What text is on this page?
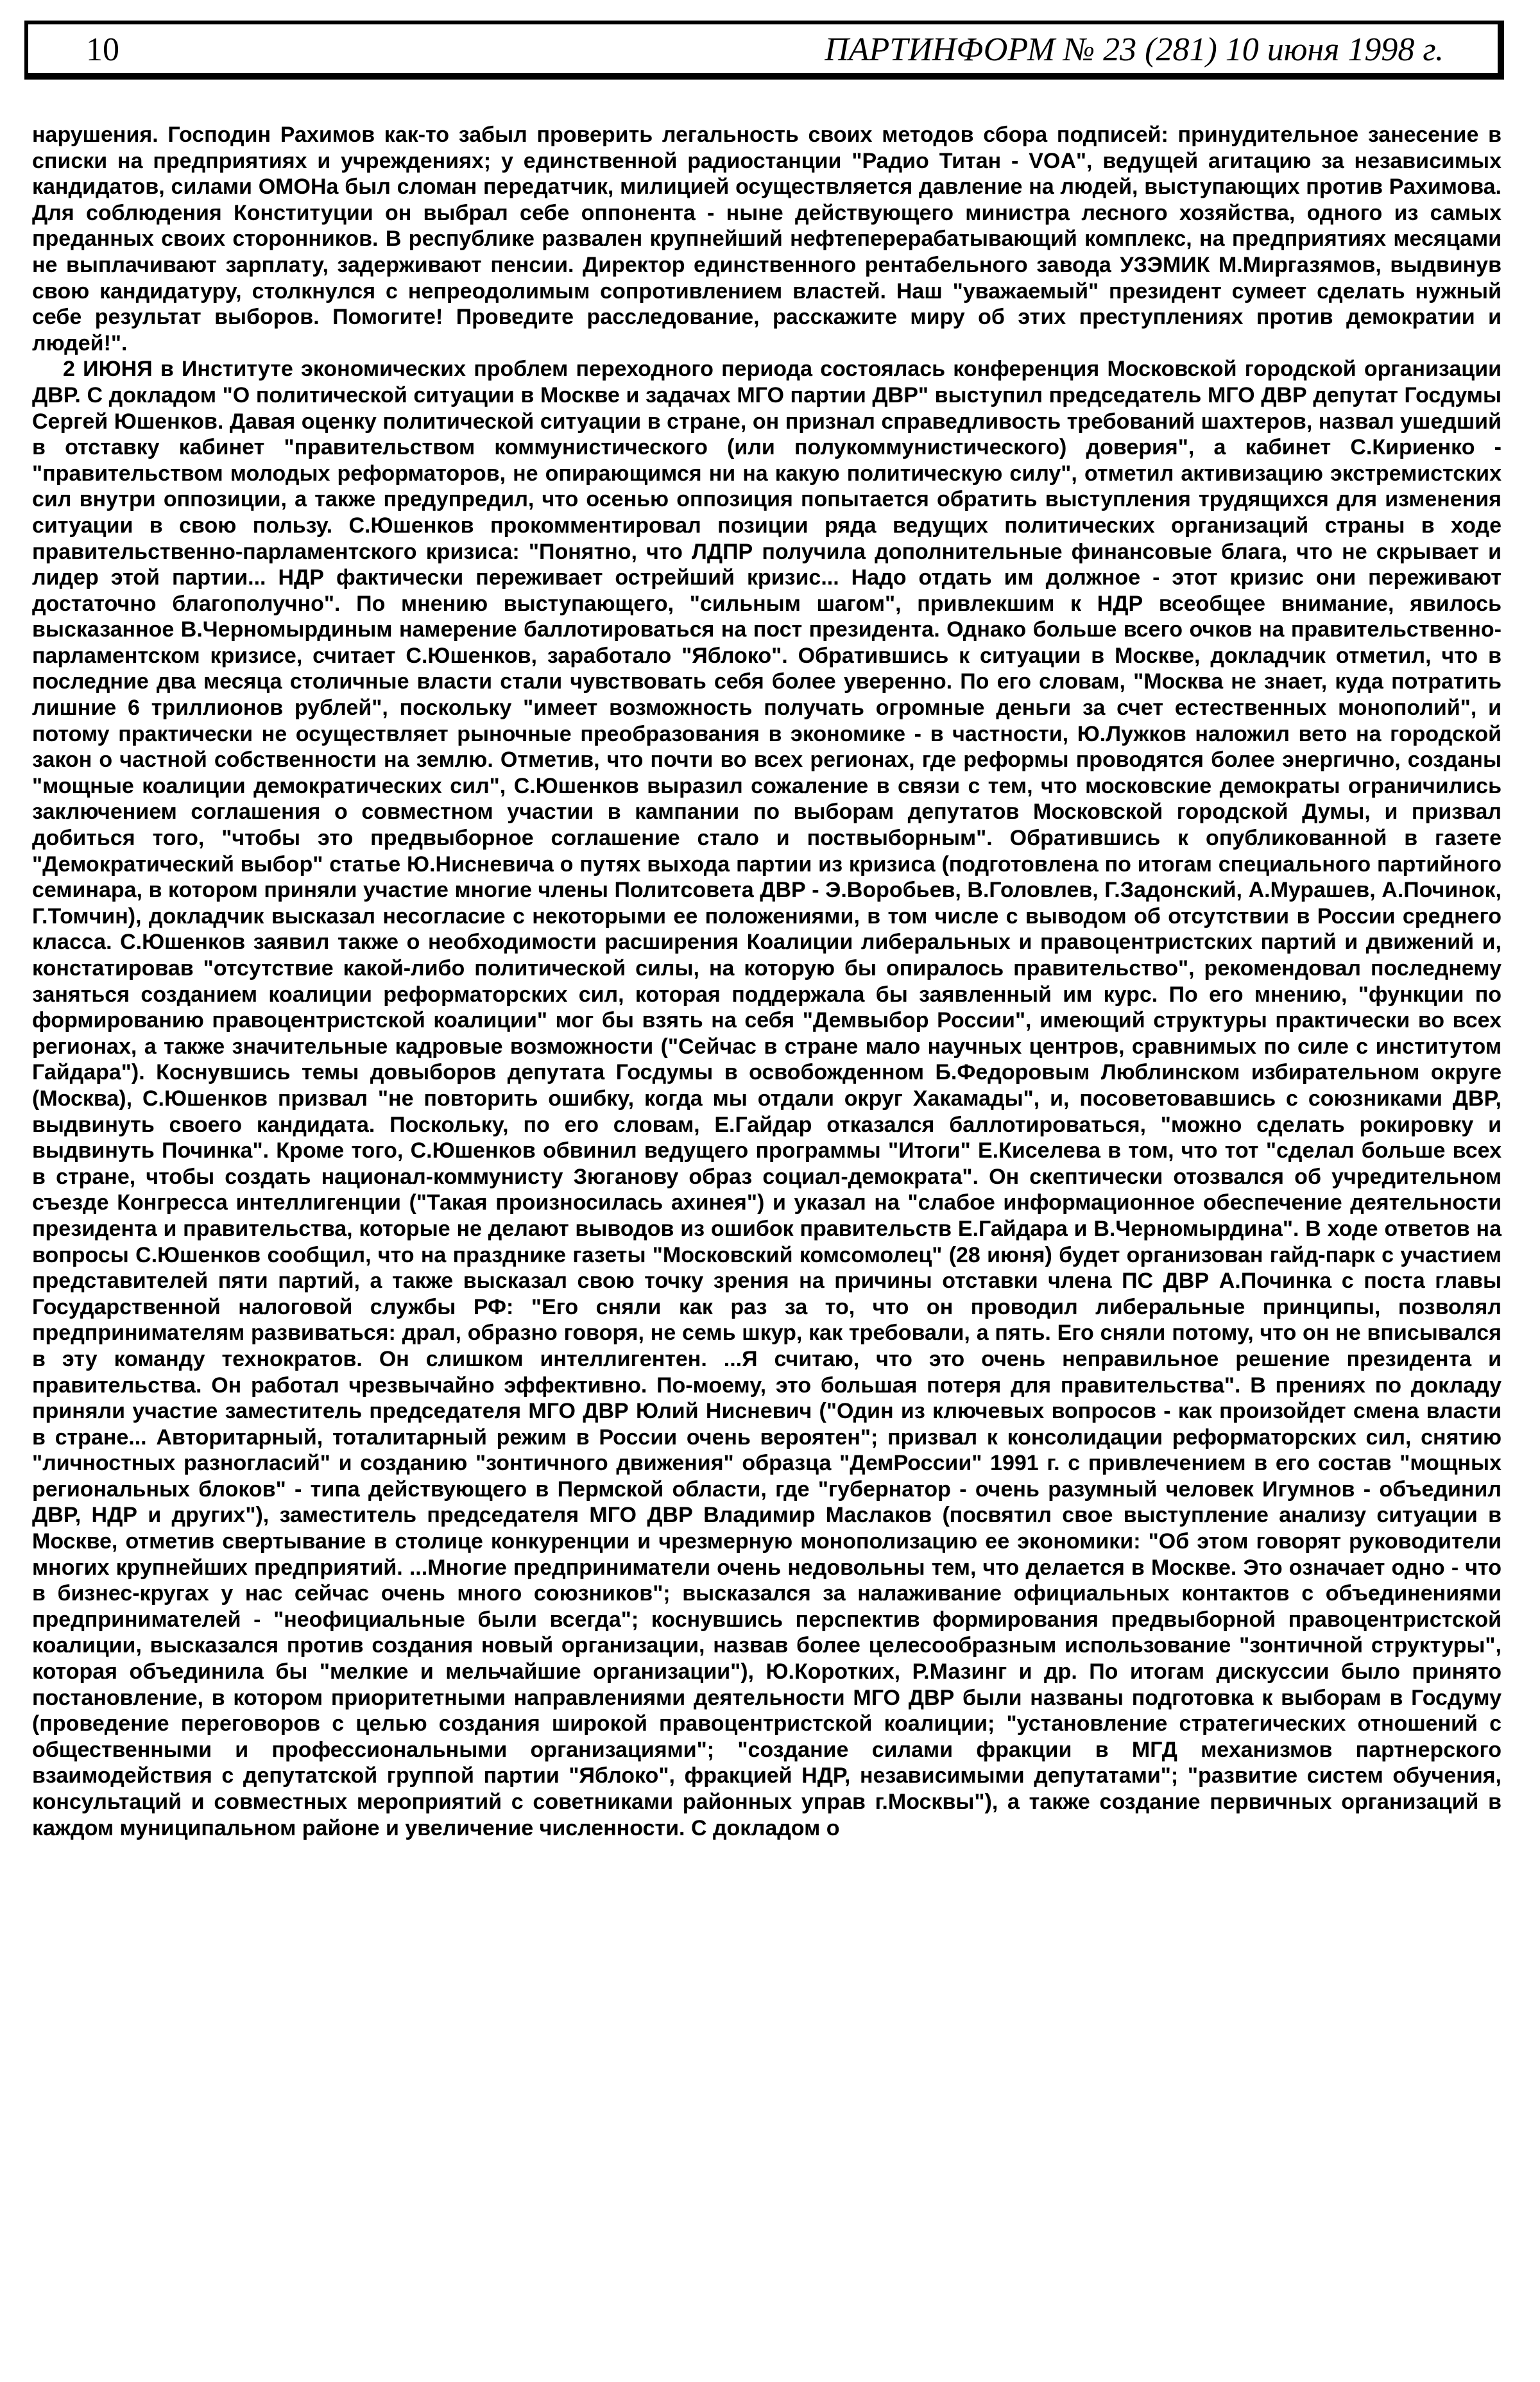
10	ПАРТИНФОРМ № 23 (281) 10 июня 1998 г.

нарушения. Господин Рахимов как-то забыл проверить легальность своих методов сбора подписей: принудительное занесение в списки на предприятиях и учреждениях; у единственной радиостанции "Радио Титан - VOA", ведущей агитацию за независимых кандидатов, силами ОМОНа был сломан передатчик, милицией осуществляется давление на людей, выступающих против Рахимова. Для соблюдения Конституции он выбрал себе оппонента - ныне действующего министра лесного хозяйства, одного из самых преданных своих сторонников. В республике развален крупнейший нефтеперерабатывающий комплекс, на предприятиях месяцами не выплачивают зарплату, задерживают пенсии. Директор единственного рентабельного завода УЗЭМИК М.Миргазямов, выдвинув свою кандидатуру, столкнулся с непреодолимым сопротивлением властей. Наш "уважаемый" президент сумеет сделать нужный себе результат выборов. Помогите! Проведите расследование, расскажите миру об этих преступлениях против демократии и людей!".

2 ИЮНЯ в Институте экономических проблем переходного периода состоялась конференция Московской городской организации ДВР. С докладом "О политической ситуации в Москве и задачах МГО партии ДВР" выступил председатель МГО ДВР депутат Госдумы Сергей Юшенков. Давая оценку политической ситуации в стране, он признал справедливость требований шахтеров, назвал ушедший в отставку кабинет "правительством коммунистического (или полукоммунистического) доверия", а кабинет С.Кириенко - "правительством молодых реформаторов, не опирающимся ни на какую политическую силу", отметил активизацию экстремистских сил внутри оппозиции, а также предупредил, что осенью оппозиция попытается обратить выступления трудящихся для изменения ситуации в свою пользу. С.Юшенков прокомментировал позиции ряда ведущих политических организаций страны в ходе правительственно-парламентского кризиса: "Понятно, что ЛДПР получила дополнительные финансовые блага, что не скрывает и лидер этой партии... НДР фактически переживает острейший кризис... Надо отдать им должное - этот кризис они переживают достаточно благополучно". По мнению выступающего, "сильным шагом", привлекшим к НДР всеобщее внимание, явилось высказанное В.Черномырдиным намерение баллотироваться на пост президента. Однако больше всего очков на правительственно-парламентском кризисе, считает С.Юшенков, заработало "Яблоко". Обратившись к ситуации в Москве, докладчик отметил, что в последние два месяца столичные власти стали чувствовать себя более уверенно. По его словам, "Москва не знает, куда потратить лишние 6 триллионов рублей", поскольку "имеет возможность получать огромные деньги за счет естественных монополий", и потому практически не осуществляет рыночные преобразования в экономике - в частности, Ю.Лужков наложил вето на городской закон о частной собственности на землю. Отметив, что почти во всех регионах, где реформы проводятся более энергично, созданы "мощные коалиции демократических сил", С.Юшенков выразил сожаление в связи с тем, что московские демократы ограничились заключением соглашения о совместном участии в кампании по выборам депутатов Московской городской Думы, и призвал добиться того, "чтобы это предвыборное соглашение стало и поствыборным". Обратившись к опубликованной в газете "Демократический выбор" статье Ю.Нисневича о путях выхода партии из кризиса (подготовлена по итогам специального партийного семинара, в котором приняли участие многие члены Политсовета ДВР - Э.Воробьев, В.Головлев, Г.Задонский, А.Мурашев, А.Починок, Г.Томчин), докладчик высказал несогласие с некоторыми ее положениями, в том числе с выводом об отсутствии в России среднего класса. С.Юшенков заявил также о необходимости расширения Коалиции либеральных и правоцентристских партий и движений и, констатировав "отсутствие какой-либо политической силы, на которую бы опиралось правительство", рекомендовал последнему заняться созданием коалиции реформаторских сил, которая поддержала бы заявленный им курс. По его мнению, "функции по формированию правоцентристской коалиции" мог бы взять на себя "Демвыбор России", имеющий структуры практически во всех регионах, а также значительные кадровые возможности ("Сейчас в стране мало научных центров, сравнимых по силе с институтом Гайдара"). Коснувшись темы довыборов депутата Госдумы в освобожденном Б.Федоровым Люблинском избирательном округе (Москва), С.Юшенков призвал "не повторить ошибку, когда мы отдали округ Хакамады", и, посоветовавшись с союзниками ДВР, выдвинуть своего кандидата. Поскольку, по его словам, Е.Гайдар отказался баллотироваться, "можно сделать рокировку и выдвинуть Починка". Кроме того, С.Юшенков обвинил ведущего программы "Итоги" Е.Киселева в том, что тот "сделал больше всех в стране, чтобы создать национал-коммунисту Зюганову образ социал-демократа". Он скептически отозвался об учредительном съезде Конгресса интеллигенции ("Такая произносилась ахинея") и указал на "слабое информационное обеспечение деятельности президента и правительства, которые не делают выводов из ошибок правительств Е.Гайдара и В.Черномырдина". В ходе ответов на вопросы С.Юшенков сообщил, что на празднике газеты "Московский комсомолец" (28 июня) будет организован гайд-парк с участием представителей пяти партий, а также высказал свою точку зрения на причины отставки члена ПС ДВР А.Починка с поста главы Государственной налоговой службы РФ: "Его сняли как раз за то, что он проводил либеральные принципы, позволял предпринимателям развиваться: драл, образно говоря, не семь шкур, как требовали, а пять. Его сняли потому, что он не вписывался в эту команду технократов. Он слишком интеллигентен. ...Я считаю, что это очень неправильное решение президента и правительства. Он работал чрезвычайно эффективно. По-моему, это большая потеря для правительства". В прениях по докладу приняли участие заместитель председателя МГО ДВР Юлий Нисневич ("Один из ключевых вопросов - как произойдет смена власти в стране... Авторитарный, тоталитарный режим в России очень вероятен"; призвал к консолидации реформаторских сил, снятию "личностных разногласий" и созданию "зонтичного движения" образца "ДемРоссии" 1991 г. с привлечением в его состав "мощных региональных блоков" - типа действующего в Пермской области, где "губернатор - очень разумный человек Игумнов - объединил ДВР, НДР и других"), заместитель председателя МГО ДВР Владимир Маслаков (посвятил свое выступление анализу ситуации в Москве, отметив свертывание в столице конкуренции и чрезмерную монополизацию ее экономики: "Об этом говорят руководители многих крупнейших предприятий. ...Многие предприниматели очень недовольны тем, что делается в Москве. Это означает одно - что в бизнес-кругах у нас сейчас очень много союзников"; высказался за налаживание официальных контактов с объединениями предпринимателей - "неофициальные были всегда"; коснувшись перспектив формирования предвыборной правоцентристской коалиции, высказался против создания новый организации, назвав более целесообразным использование "зонтичной структуры", которая объединила бы "мелкие и мельчайшие организации"), Ю.Коротких, Р.Мазинг и др. По итогам дискуссии было принято постановление, в котором приоритетными направлениями деятельности МГО ДВР были названы подготовка к выборам в Госдуму (проведение переговоров с целью создания широкой правоцентристской коалиции; "установление стратегических отношений с общественными и профессиональными организациями"; "создание силами фракции в МГД механизмов партнерского взаимодействия с депутатской группой партии "Яблоко", фракцией НДР, независимыми депутатами"; "развитие систем обучения, консультаций и совместных мероприятий с советниками районных управ г.Москвы"), а также создание первичных организаций в каждом муниципальном районе и увеличение численности. С докладом о
